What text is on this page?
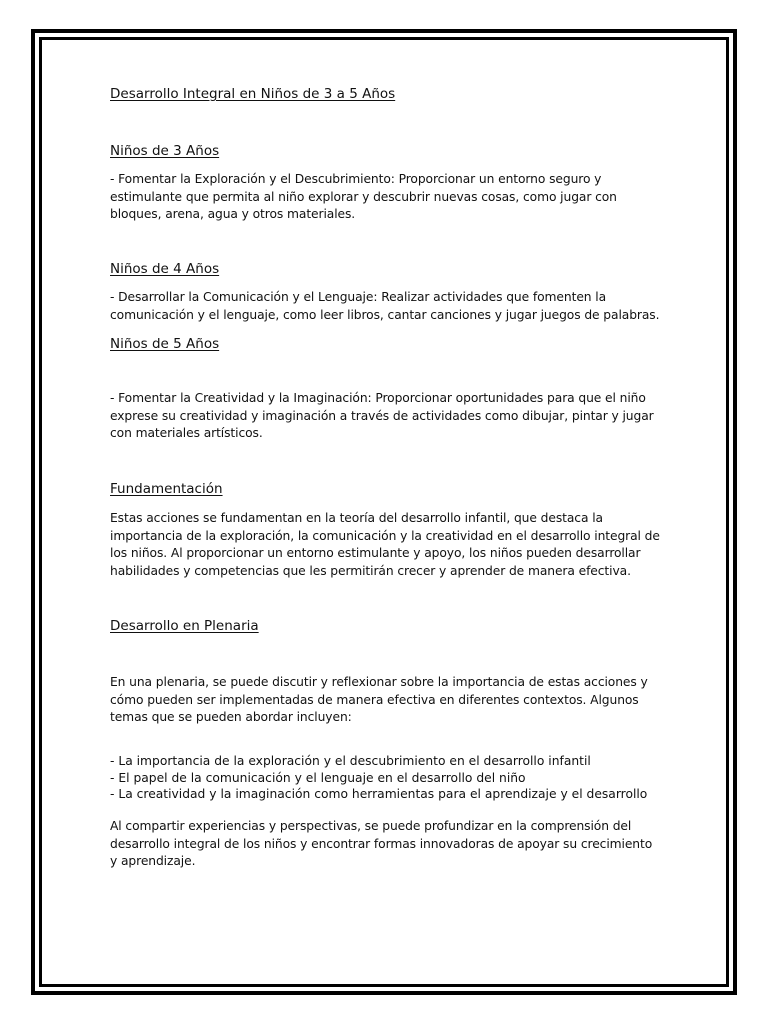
Desarrollo Integral en Niños de 3 a 5 Años
Niños de 3 Años

- Fomentar la Exploración y el Descubrimiento: Proporcionar un entorno seguro y estimulante que permita al niño explorar y descubrir nuevas cosas, como jugar con bloques, arena, agua y otros materiales.

Niños de 4 Años

- Desarrollar la Comunicación y el Lenguaje: Realizar actividades que fomenten la comunicación y el lenguaje, como leer libros, cantar canciones y jugar juegos de palabras.

Niños de 5 Años

- Fomentar la Creatividad y la Imaginación: Proporcionar oportunidades para que el niño exprese su creatividad y imaginación a través de actividades como dibujar, pintar y jugar con materiales artísticos.

Fundamentación

Estas acciones se fundamentan en la teoría del desarrollo infantil, que destaca la importancia de la exploración, la comunicación y la creatividad en el desarrollo integral de los niños. Al proporcionar un entorno estimulante y apoyo, los niños pueden desarrollar habilidades y competencias que les permitirán crecer y aprender de manera efectiva.

Desarrollo en Plenaria

En una plenaria, se puede discutir y reflexionar sobre la importancia de estas acciones y cómo pueden ser implementadas de manera efectiva en diferentes contextos. Algunos temas que se pueden abordar incluyen:

- La importancia de la exploración y el descubrimiento en el desarrollo infantil
- El papel de la comunicación y el lenguaje en el desarrollo del niño
- La creatividad y la imaginación como herramientas para el aprendizaje y el desarrollo

Al compartir experiencias y perspectivas, se puede profundizar en la comprensión del desarrollo integral de los niños y encontrar formas innovadoras de apoyar su crecimiento y aprendizaje.
